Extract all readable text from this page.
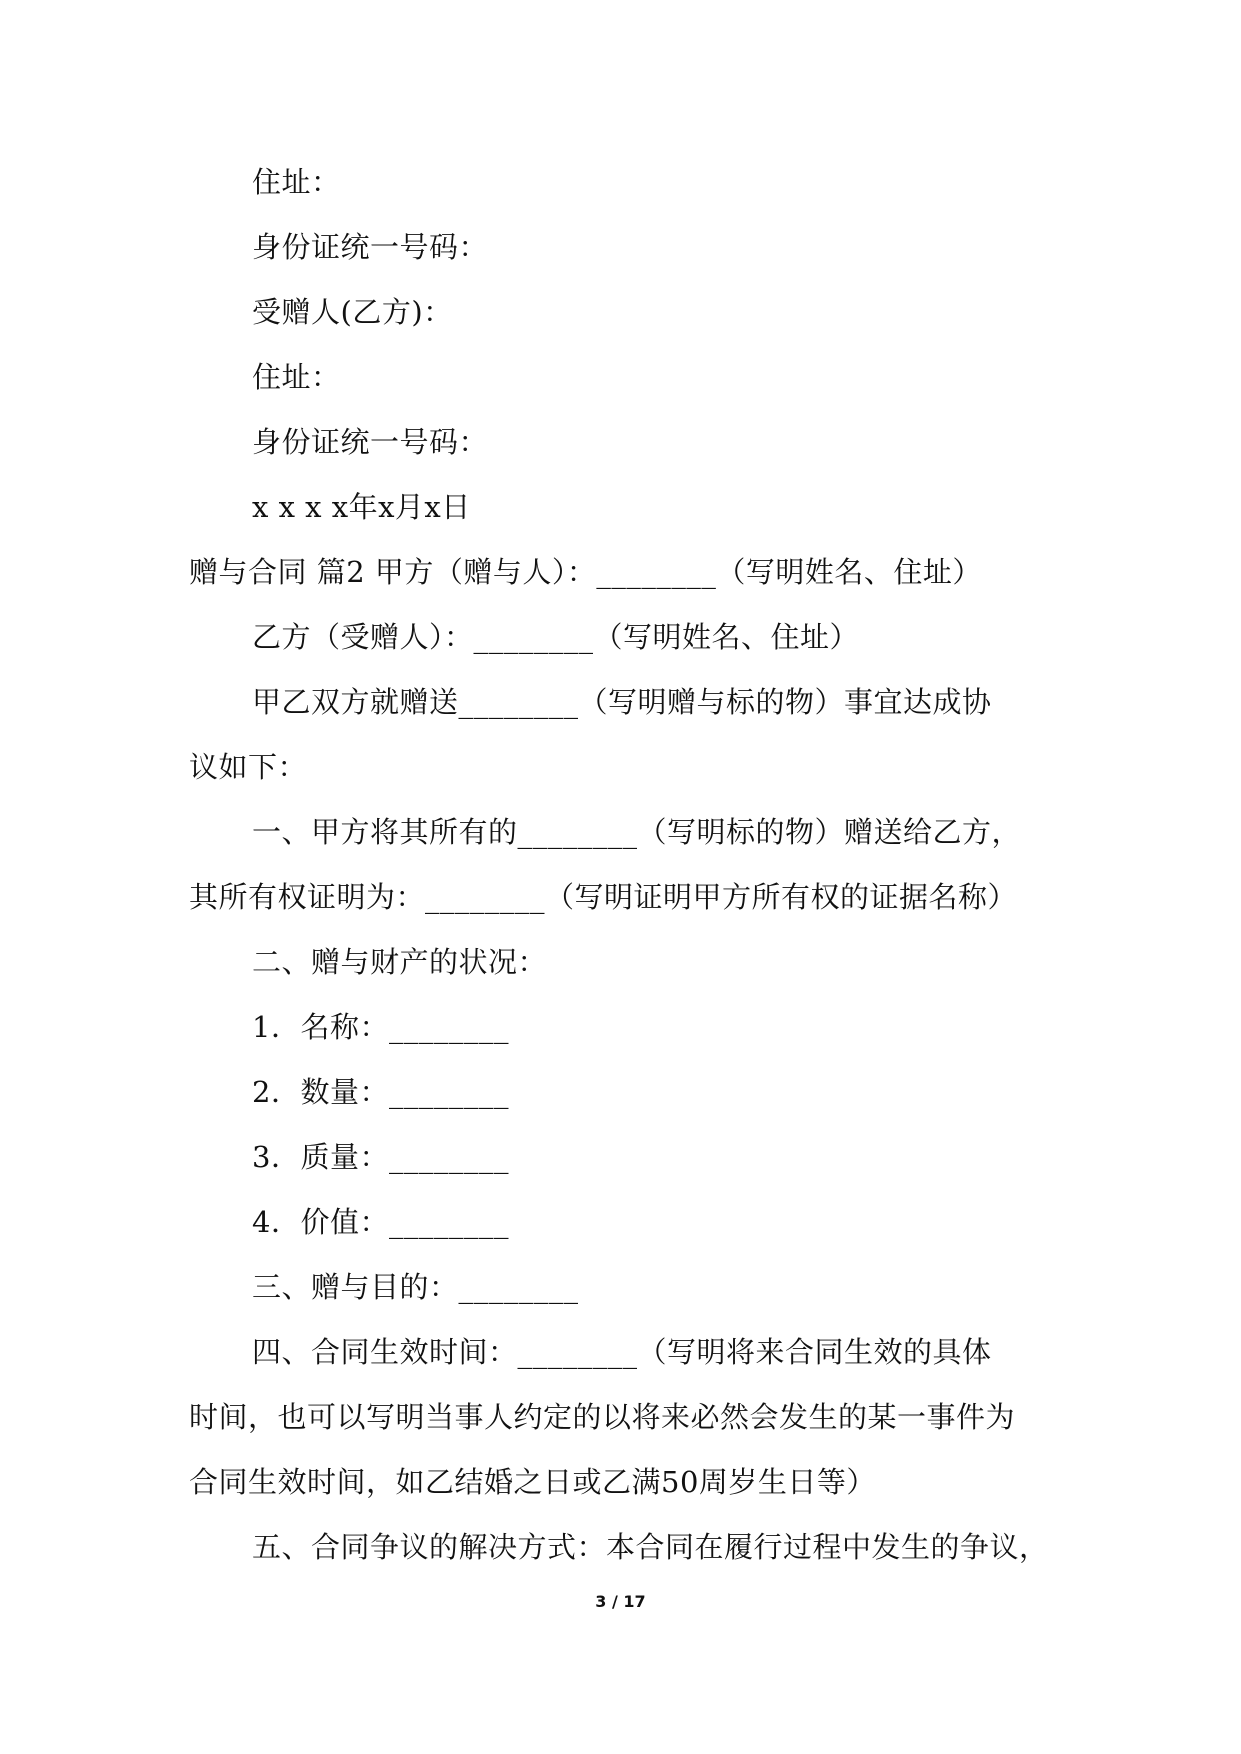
住址：
身份证统一号码：
受赠人(乙方)：
住址：
身份证统一号码：
x x x x年x月x日
赠与合同 篇2 甲方（赠与人）：________（写明姓名、住址）
乙方（受赠人）：________（写明姓名、住址）
甲乙双方就赠送________（写明赠与标的物）事宜达成协
议如下：
一、甲方将其所有的________（写明标的物）赠送给乙方，
其所有权证明为：________（写明证明甲方所有权的证据名称）
二、赠与财产的状况：
1．名称：________
2．数量：________
3．质量：________
4．价值：________
三、赠与目的：________
四、合同生效时间：________（写明将来合同生效的具体
时间，也可以写明当事人约定的以将来必然会发生的某一事件为
合同生效时间，如乙结婚之日或乙满50周岁生日等）
五、合同争议的解决方式：本合同在履行过程中发生的争议，
3 / 17
